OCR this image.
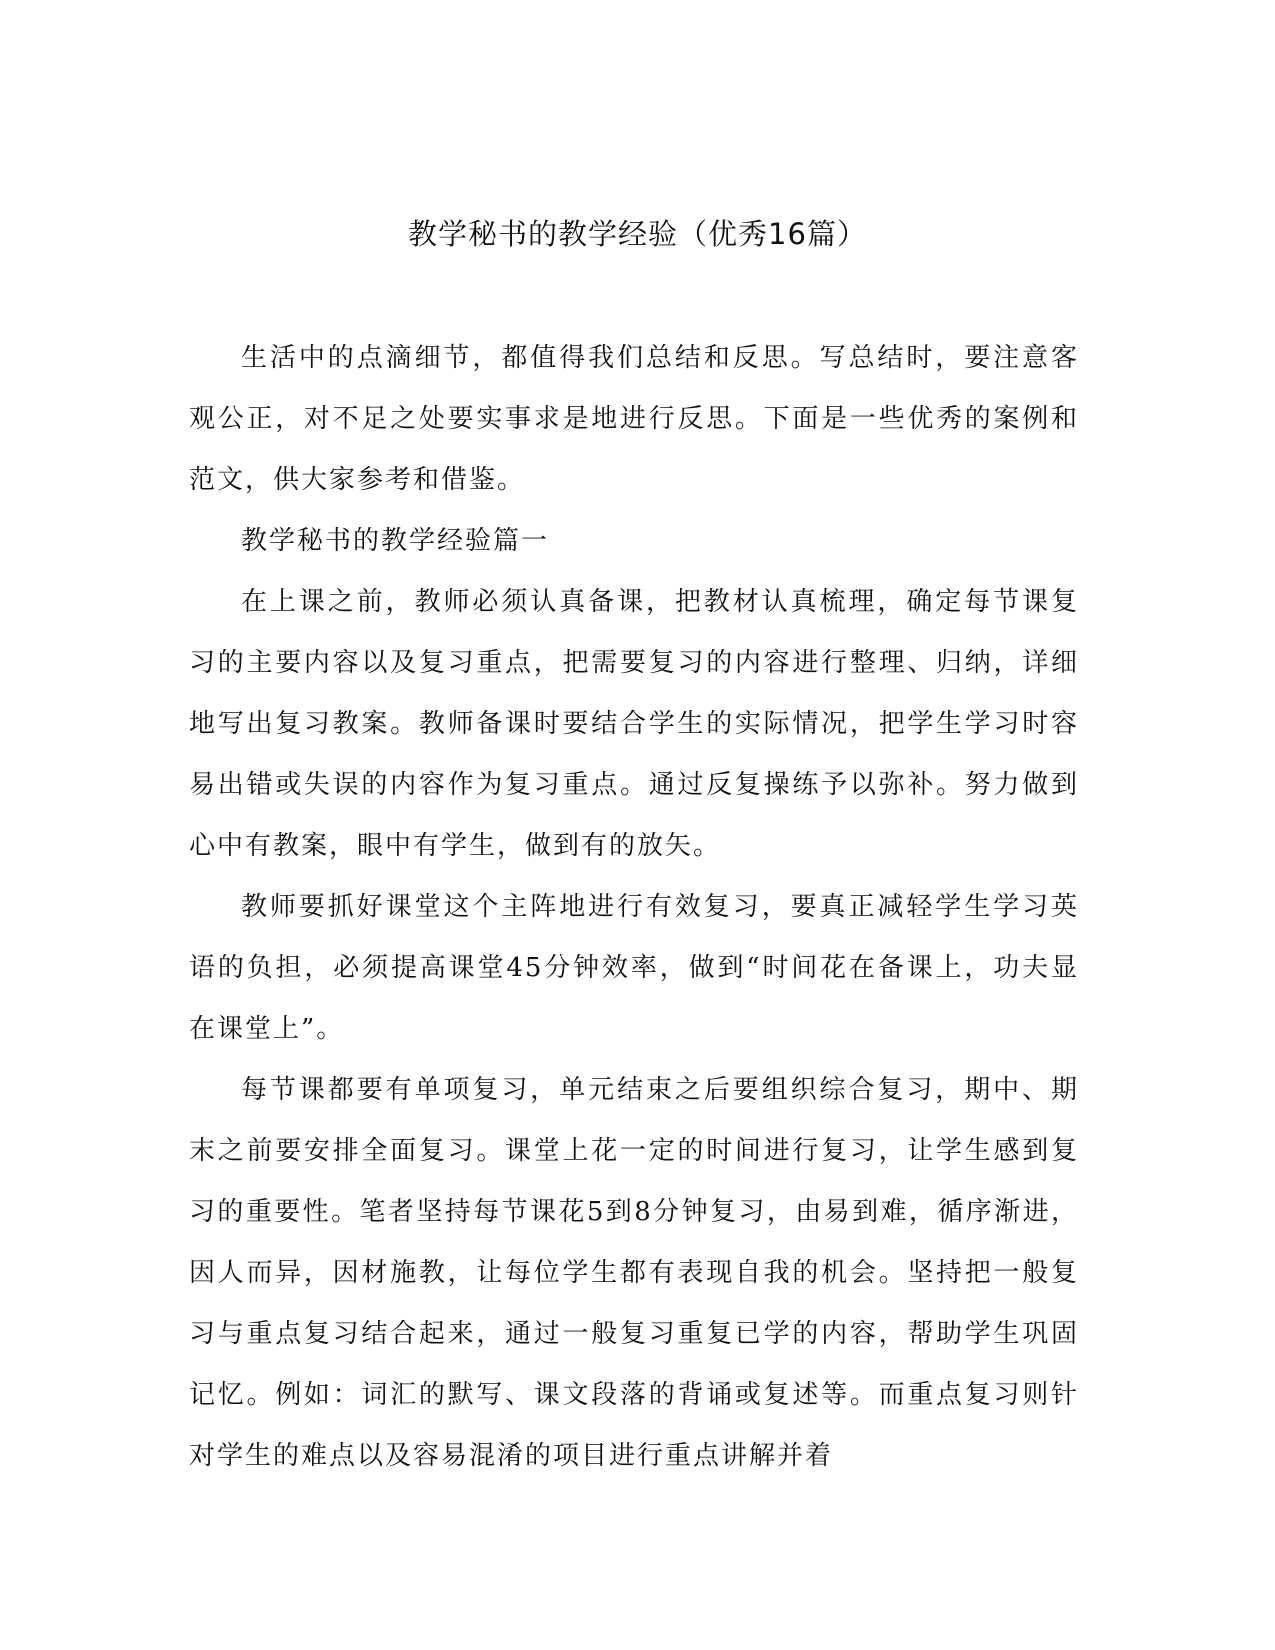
教学秘书的教学经验（优秀16篇）

生活中的点滴细节，都值得我们总结和反思。写总结时，要注意客观公正，对不足之处要实事求是地进行反思。下面是一些优秀的案例和范文，供大家参考和借鉴。

教学秘书的教学经验篇一

在上课之前，教师必须认真备课，把教材认真梳理，确定每节课复习的主要内容以及复习重点，把需要复习的内容进行整理、归纳，详细地写出复习教案。教师备课时要结合学生的实际情况，把学生学习时容易出错或失误的内容作为复习重点。通过反复操练予以弥补。努力做到心中有教案，眼中有学生，做到有的放矢。

教师要抓好课堂这个主阵地进行有效复习，要真正减轻学生学习英语的负担，必须提高课堂45分钟效率，做到“时间花在备课上，功夫显在课堂上”。

每节课都要有单项复习，单元结束之后要组织综合复习，期中、期末之前要安排全面复习。课堂上花一定的时间进行复习，让学生感到复习的重要性。笔者坚持每节课花5到8分钟复习，由易到难，循序渐进，因人而异，因材施教，让每位学生都有表现自我的机会。坚持把一般复习与重点复习结合起来，通过一般复习重复已学的内容，帮助学生巩固记忆。例如：词汇的默写、课文段落的背诵或复述等。而重点复习则针对学生的难点以及容易混淆的项目进行重点讲解并着
